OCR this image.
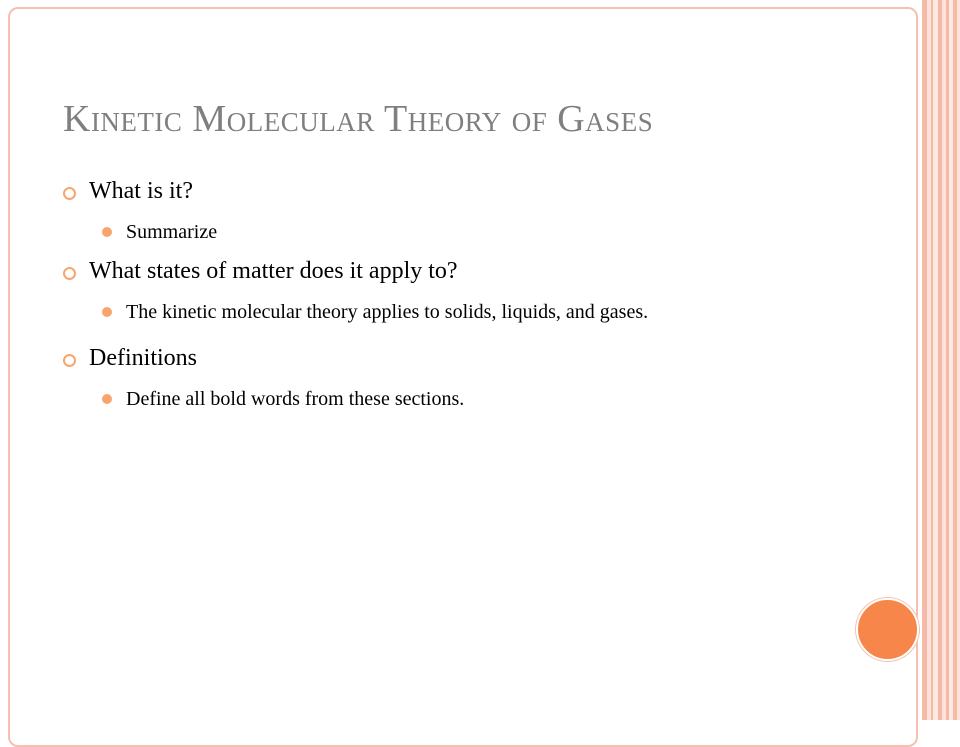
Kinetic Molecular Theory of Gases
What is it?
Summarize
What states of matter does it apply to?
The kinetic molecular theory applies to solids, liquids, and gases.
Definitions
Define all bold words from these sections.
